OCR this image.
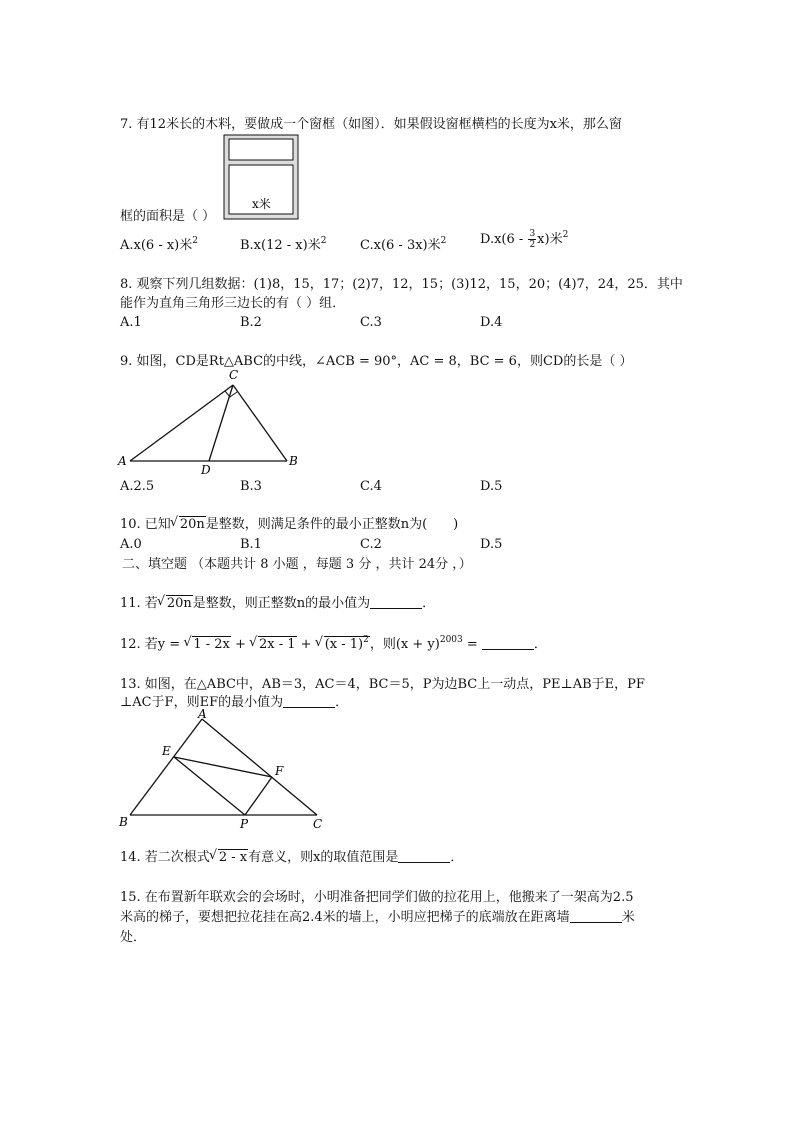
7. 有12米长的木料，要做成一个窗框（如图）．如果假设窗框横档的长度为x米，那么窗
x米
框的面积是（ ）
A.x(6 - x)米$^2$	B.x(12 - x)米$^2$	C.x(6 - 3x)米$^2$	$D.x(6 - \frac{3}{2} x)$米$^2$
8. 观察下列几组数据：(1)8，15，17；(2)7，12，15；(3)12，15，20；(4)7，24，25．其中
能作为直角三角形三边长的有（ ）组．
A.1	B.2	C.3	D.4
9. 如图，CD是Rt△ABC的中线，∠ACB = 90°，AC = 8，BC = 6，则CD的长是（ ）
A	B
C
D
A.2.5	B.3	C.4	D.5
10. 已知 √ 20n是整数，则满足条件的最小正整数n为(　　)
A.0	B.1	C.2	D.5
二、填空题 （本题共计 8 小题 ，每题 3 分 ，共计 24分 ，）
11. 若 √ 20n是整数，则正整数n的最小值为	．
12. 若y = √ 1 - 2x + √ 2x - 1 + √ (x - 1)$^2$，则$(x + y)^{2003}$ =	．
13. 如图，在△ABC中，AB＝3，AC＝4，BC＝5，P为边BC上一动点，PE⊥AB于E，PF
⊥AC于F，则EF的最小值为	．
A
B	C
E
F
P
14. 若二次根式 √ 2 - x有意义，则x的取值范围是	．
15. 在布置新年联欢会的会场时，小明准备把同学们做的拉花用上，他搬来了一架高为2.5
米高的梯子，要想把拉花挂在高2.4米的墙上，小明应把梯子的底端放在距离墙	米
处．
